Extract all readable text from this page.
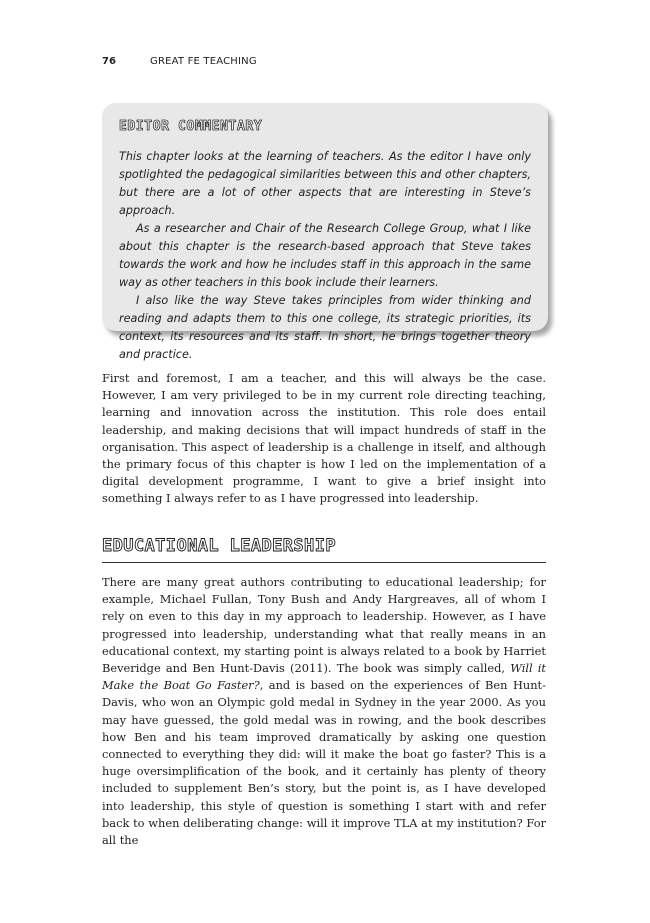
76	GREAT FE TEACHING
EDITOR COMMENTARY

This chapter looks at the learning of teachers. As the editor I have only spotlighted the pedagogical similarities between this and other chapters, but there are a lot of other aspects that are interesting in Steve’s approach.

As a researcher and Chair of the Research College Group, what I like about this chapter is the research-based approach that Steve takes towards the work and how he includes staff in this approach in the same way as other teachers in this book include their learners.

I also like the way Steve takes principles from wider thinking and reading and adapts them to this one college, its strategic priorities, its context, its resources and its staff. In short, he brings together theory and practice.

First and foremost, I am a teacher, and this will always be the case. However, I am very privileged to be in my current role directing teaching, learning and innovation across the institution. This role does entail leadership, and making decisions that will impact hundreds of staff in the organisation. This aspect of leadership is a challenge in itself, and although the primary focus of this chapter is how I led on the implementation of a digital development programme, I want to give a brief insight into something I always refer to as I have progressed into leadership.

EDUCATIONAL LEADERSHIP

There are many great authors contributing to educational leadership; for example, Michael Fullan, Tony Bush and Andy Hargreaves, all of whom I rely on even to this day in my approach to leadership. However, as I have progressed into leadership, understanding what that really means in an educational context, my starting point is always related to a book by Harriet Beveridge and Ben Hunt-Davis (2011). The book was simply called, Will it Make the Boat Go Faster?, and is based on the experiences of Ben Hunt-Davis, who won an Olympic gold medal in Sydney in the year 2000. As you may have guessed, the gold medal was in rowing, and the book describes how Ben and his team improved dramatically by asking one question connected to everything they did: will it make the boat go faster? This is a huge oversimplification of the book, and it certainly has plenty of theory included to supplement Ben’s story, but the point is, as I have developed into leadership, this style of question is something I start with and refer back to when deliberating change: will it improve TLA at my institution? For all the
